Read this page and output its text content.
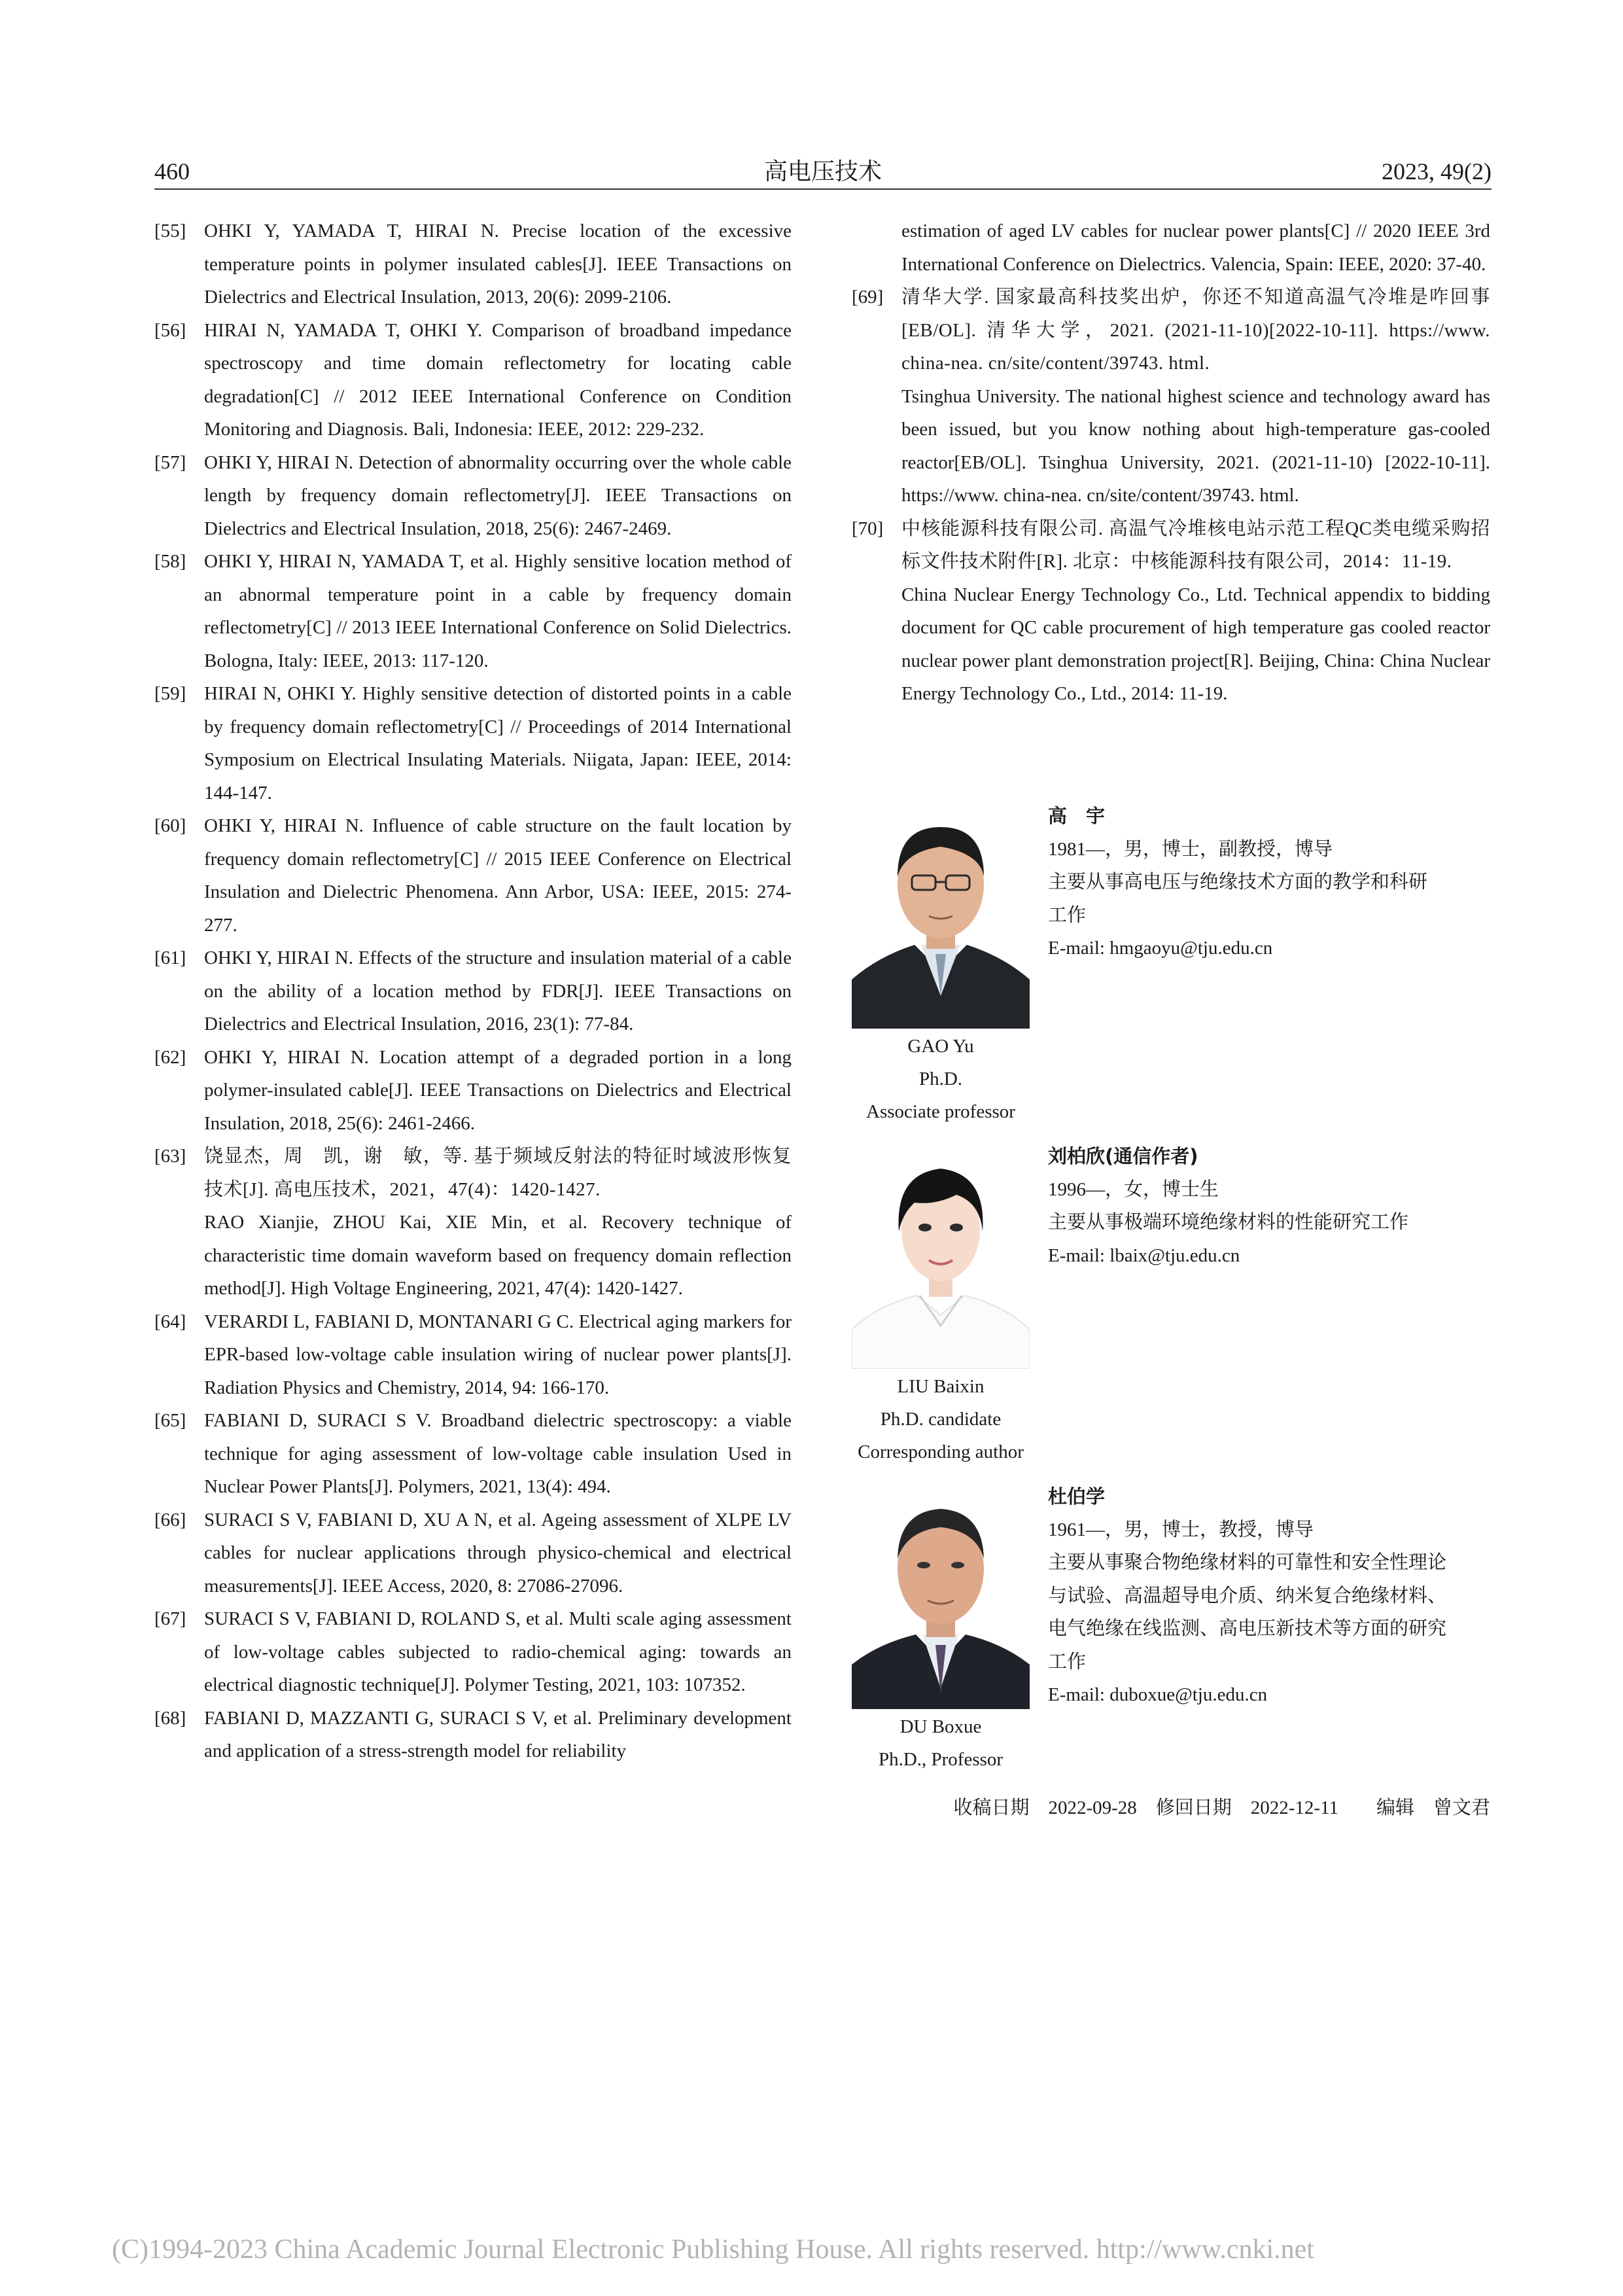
460	高电压技术	2023, 49(2)
[55] OHKI Y, YAMADA T, HIRAI N. Precise location of the excessive temperature points in polymer insulated cables[J]. IEEE Transactions on Dielectrics and Electrical Insulation, 2013, 20(6): 2099-2106.

[56] HIRAI N, YAMADA T, OHKI Y. Comparison of broadband impedance spectroscopy and time domain reflectometry for locating cable degradation[C] // 2012 IEEE International Conference on Condition Monitoring and Diagnosis. Bali, Indonesia: IEEE, 2012: 229-232.

[57] OHKI Y, HIRAI N. Detection of abnormality occurring over the whole cable length by frequency domain reflectometry[J]. IEEE Transactions on Dielectrics and Electrical Insulation, 2018, 25(6): 2467-2469.

[58] OHKI Y, HIRAI N, YAMADA T, et al. Highly sensitive location method of an abnormal temperature point in a cable by frequency domain reflectometry[C] // 2013 IEEE International Conference on Solid Dielectrics. Bologna, Italy: IEEE, 2013: 117-120.

[59] HIRAI N, OHKI Y. Highly sensitive detection of distorted points in a cable by frequency domain reflectometry[C] // Proceedings of 2014 International Symposium on Electrical Insulating Materials. Niigata, Japan: IEEE, 2014: 144-147.

[60] OHKI Y, HIRAI N. Influence of cable structure on the fault location by frequency domain reflectometry[C] // 2015 IEEE Conference on Electrical Insulation and Dielectric Phenomena. Ann Arbor, USA: IEEE, 2015: 274-277.

[61] OHKI Y, HIRAI N. Effects of the structure and insulation material of a cable on the ability of a location method by FDR[J]. IEEE Transactions on Dielectrics and Electrical Insulation, 2016, 23(1): 77-84.

[62] OHKI Y, HIRAI N. Location attempt of a degraded portion in a long polymer-insulated cable[J]. IEEE Transactions on Dielectrics and Electrical Insulation, 2018, 25(6): 2461-2466.

[63] 饶显杰，周　凯，谢　敏，等. 基于频域反射法的特征时域波形恢复技术[J]. 高电压技术，2021，47(4)：1420-1427.

RAO Xianjie, ZHOU Kai, XIE Min, et al. Recovery technique of characteristic time domain waveform based on frequency domain reflection method[J]. High Voltage Engineering, 2021, 47(4): 1420-1427.

[64] VERARDI L, FABIANI D, MONTANARI G C. Electrical aging markers for EPR-based low-voltage cable insulation wiring of nuclear power plants[J]. Radiation Physics and Chemistry, 2014, 94: 166-170.

[65] FABIANI D, SURACI S V. Broadband dielectric spectroscopy: a viable technique for aging assessment of low-voltage cable insulation Used in Nuclear Power Plants[J]. Polymers, 2021, 13(4): 494.

[66] SURACI S V, FABIANI D, XU A N, et al. Ageing assessment of XLPE LV cables for nuclear applications through physico-chemical and electrical measurements[J]. IEEE Access, 2020, 8: 27086-27096.

[67] SURACI S V, FABIANI D, ROLAND S, et al. Multi scale aging assessment of low-voltage cables subjected to radio-chemical aging: towards an electrical diagnostic technique[J]. Polymer Testing, 2021, 103: 107352.

[68] FABIANI D, MAZZANTI G, SURACI S V, et al. Preliminary development and application of a stress-strength model for reliability

estimation of aged LV cables for nuclear power plants[C] // 2020 IEEE 3rd International Conference on Dielectrics. Valencia, Spain: IEEE, 2020: 37-40.

[69] 清华大学. 国家最高科技奖出炉，你还不知道高温气冷堆是咋回事[EB/OL]. 清华大学，2021. (2021-11-10)[2022-10-11]. https://www. china-nea. cn/site/content/39743. html.

Tsinghua University. The national highest science and technology award has been issued, but you know nothing about high-temperature gas-cooled reactor[EB/OL]. Tsinghua University, 2021. (2021-11-10) [2022-10-11]. https://www. china-nea. cn/site/content/39743. html.

[70] 中核能源科技有限公司. 高温气冷堆核电站示范工程QC类电缆采购招标文件技术附件[R]. 北京：中核能源科技有限公司，2014：11-19.

China Nuclear Energy Technology Co., Ltd. Technical appendix to bidding document for QC cable procurement of high temperature gas cooled reactor nuclear power plant demonstration project[R]. Beijing, China: China Nuclear Energy Technology Co., Ltd., 2014: 11-19.

GAO Yu
Ph.D.
Associate professor
高　宇
1981—，男，博士，副教授，博导
主要从事高电压与绝缘技术方面的教学和科研
工作
E-mail: hmgaoyu@tju.edu.cn
LIU Baixin
Ph.D. candidate
Corresponding author
刘柏欣(通信作者)
1996—，女，博士生
主要从事极端环境绝缘材料的性能研究工作
E-mail: lbaix@tju.edu.cn
DU Boxue
Ph.D., Professor
杜伯学
1961—，男，博士，教授，博导
主要从事聚合物绝缘材料的可靠性和安全性理论
与试验、高温超导电介质、纳米复合绝缘材料、
电气绝缘在线监测、高电压新技术等方面的研究
工作
E-mail: duboxue@tju.edu.cn
收稿日期　2022-09-28　修回日期　2022-12-11　　编辑　曾文君
(C)1994-2023 China Academic Journal Electronic Publishing House. All rights reserved. http://www.cnki.net
